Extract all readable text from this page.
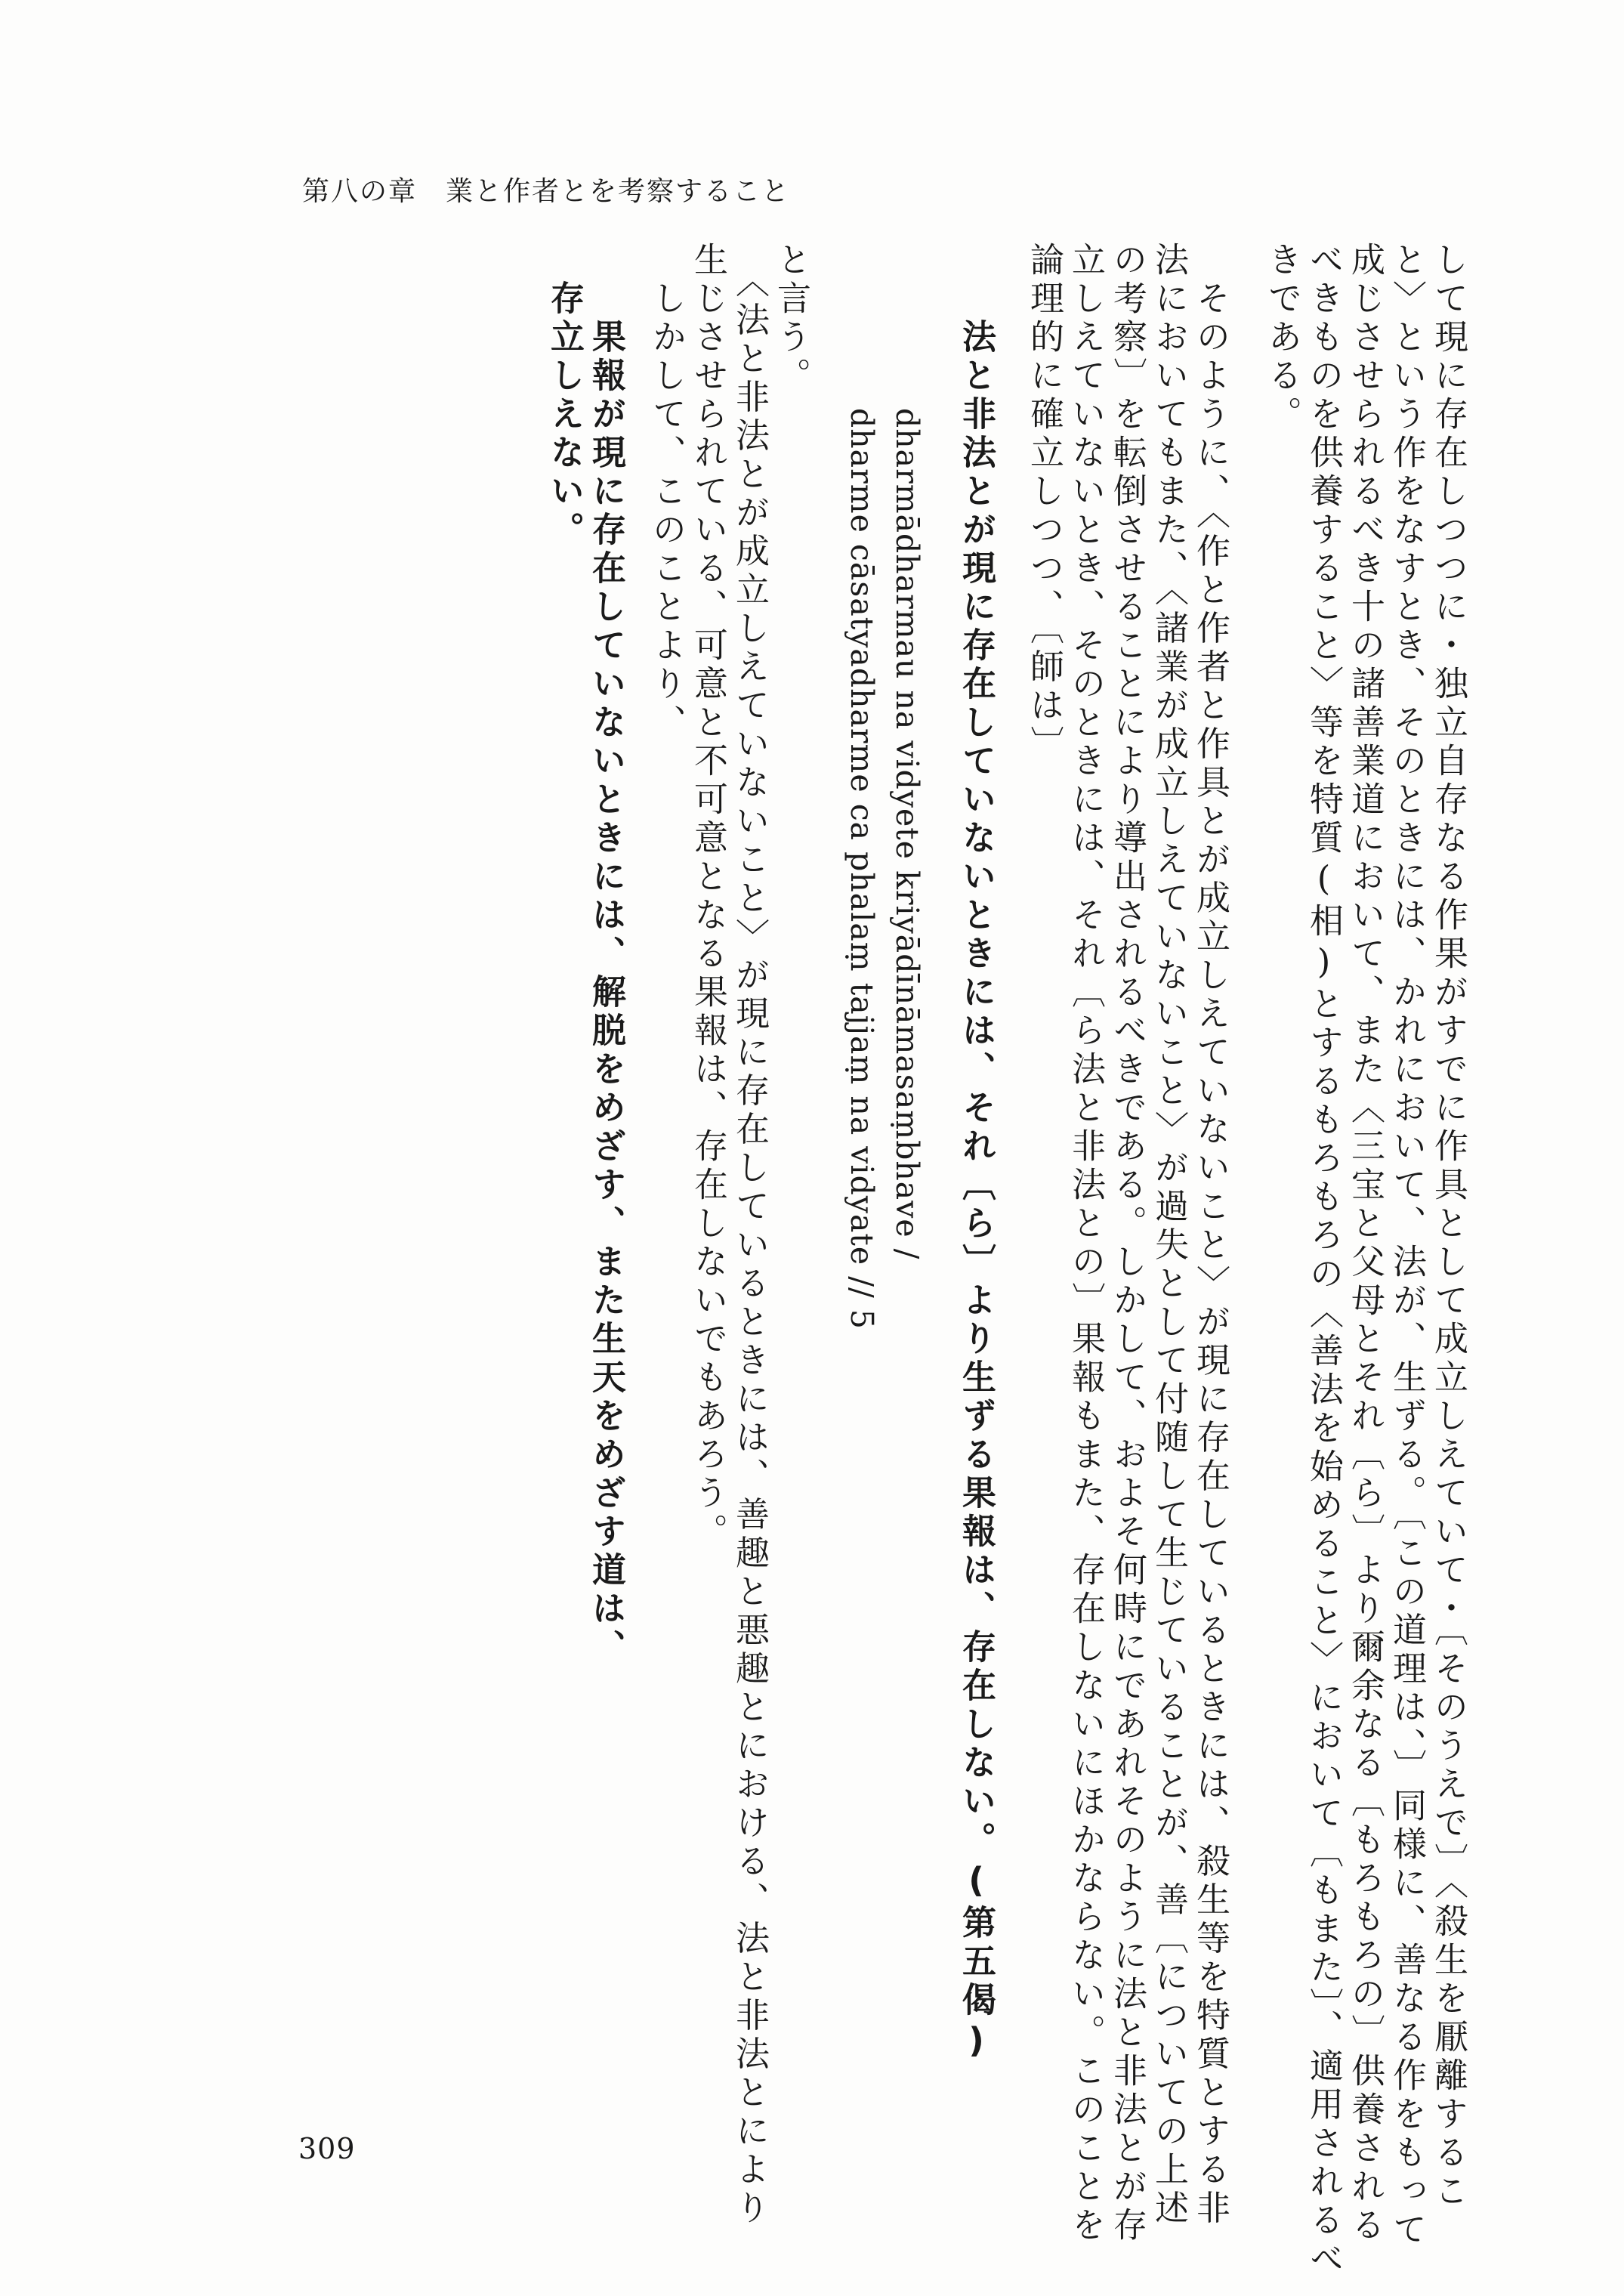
第八の章　業と作者とを考察すること
して現に存在しつつに・独立自存なる作果がすでに作具として成立しえていて・〔そのうえで〕〈殺生を厭離するこ
と〉という作をなすとき、そのときには、かれにおいて、法が、生ずる。〔この道理は、〕同様に、善なる作をもって
成じさせられるべき十の諸善業道において、また〈三宝と父母とそれ〔ら〕より爾余なる〔もろもろの〕供養される
べきものを供養すること〉等を特質(相)とするもろもろの〈善法を始めること〉において〔もまた〕、適用されるべ
きである。
　そのように、〈作と作者と作具とが成立しえていないこと〉が現に存在しているときには、殺生等を特質とする非
法においてもまた、〈諸業が成立しえていないこと〉が過失として付随して生じていることが、善〔についての上述
の考察〕を転倒させることにより導出されるべきである。しかして、およそ何時にであれそのように法と非法とが存
立しえていないとき、そのときには、それ〔ら法と非法との〕果報もまた、存在しないにほかならない。このことを
論理的に確立しつつ、〔師は〕
　　法と非法とが現に存在していないときには、それ〔ら〕より生ずる果報は、存在しない。(第五偈)
dharmādharmau na vidyete kriyādīnāmasaṃbhave /
dharme cāsatyadharme ca phalaṃ tajjaṃ na vidyate // 5
と言う。
　〈法と非法とが成立しえていないこと〉が現に存在しているときには、善趣と悪趣とにおける、法と非法とにより
生じさせられている、可意と不可意となる果報は、存在しないでもあろう。
　しかして、このことより、
　　果報が現に存在していないときには、解脱をめざす、また生天をめざす道は、
　存立しえない。
309
